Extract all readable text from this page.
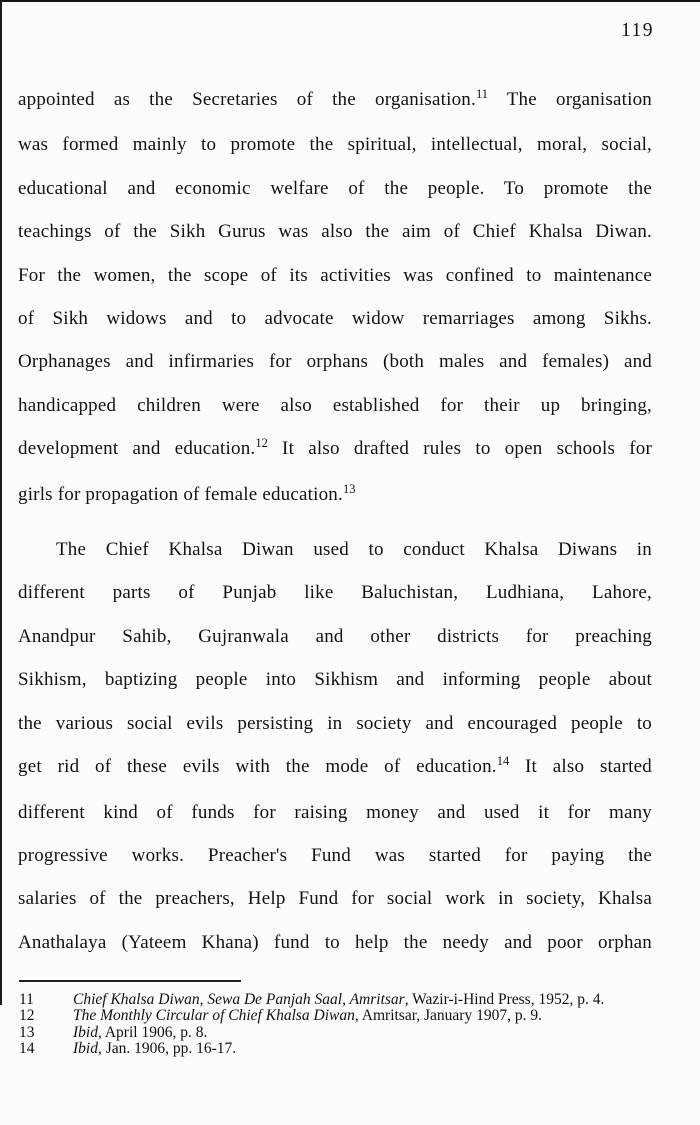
119
appointed as the Secretaries of the organisation.$^{11}$ The organisation
was formed mainly to promote the spiritual, intellectual, moral, social,
educational and economic welfare of the people. To promote the
teachings of the Sikh Gurus was also the aim of Chief Khalsa Diwan.
For the women, the scope of its activities was confined to maintenance
of Sikh widows and to advocate widow remarriages among Sikhs.
Orphanages and infirmaries for orphans (both males and females) and
handicapped children were also established for their up bringing,
development and education.$^{12}$ It also drafted rules to open schools for
girls for propagation of female education.$^{13}$
The Chief Khalsa Diwan used to conduct Khalsa Diwans in
different parts of Punjab like Baluchistan, Ludhiana, Lahore,
Anandpur Sahib, Gujranwala and other districts for preaching
Sikhism, baptizing people into Sikhism and informing people about
the various social evils persisting in society and encouraged people to
get rid of these evils with the mode of education.$^{14}$ It also started
different kind of funds for raising money and used it for many
progressive works. Preacher's Fund was started for paying the
salaries of the preachers, Help Fund for social work in society, Khalsa
Anathalaya (Yateem Khana) fund to help the needy and poor orphan
11	Chief Khalsa Diwan, Sewa De Panjah Saal, Amritsar, Wazir-i-Hind Press, 1952, p. 4.
12	The Monthly Circular of Chief Khalsa Diwan, Amritsar, January 1907, p. 9.
13	Ibid, April 1906, p. 8.
14	Ibid, Jan. 1906, pp. 16-17.
